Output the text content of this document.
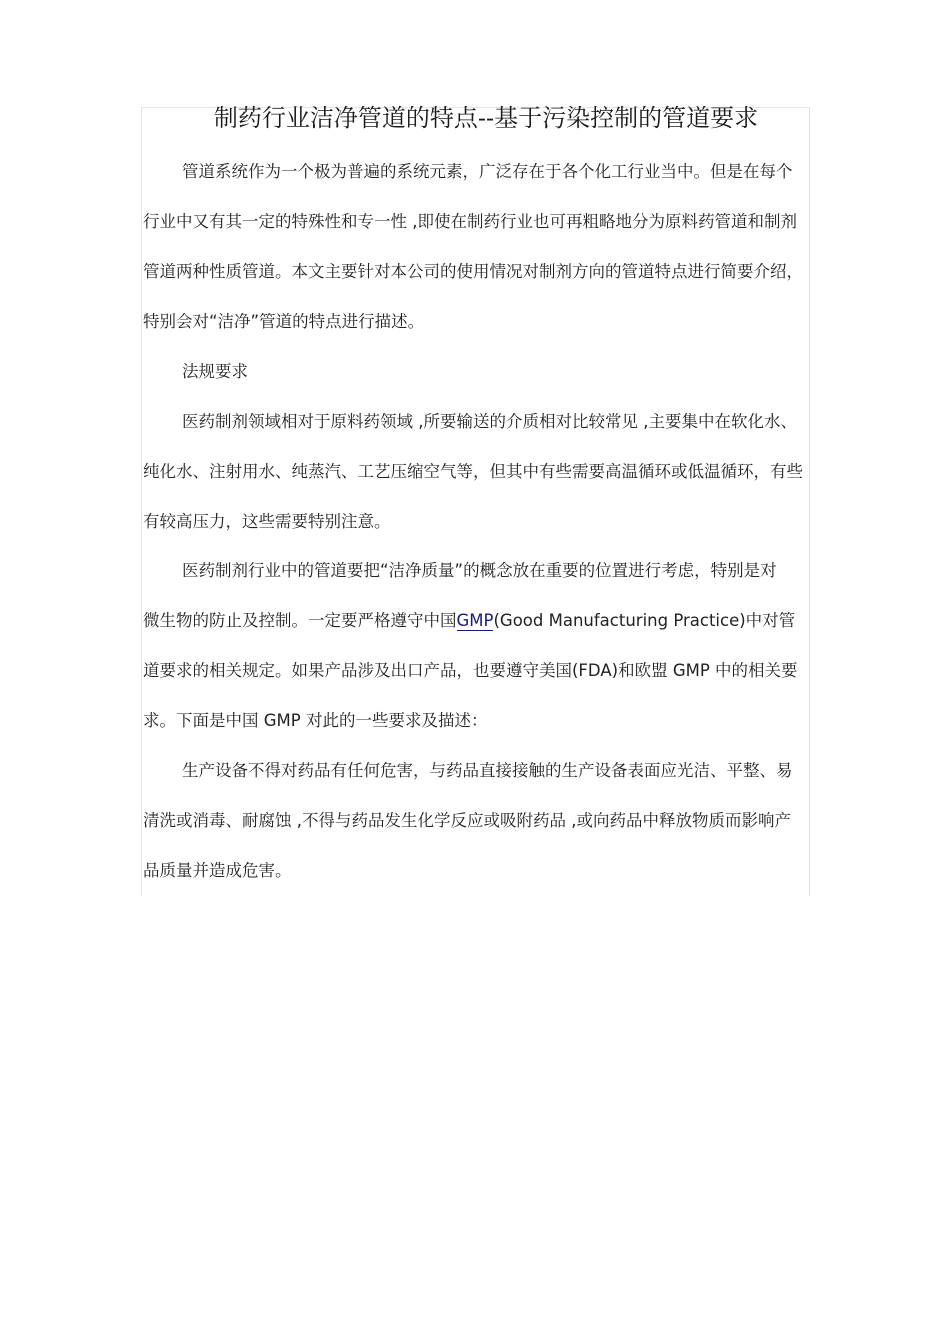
制药行业洁净管道的特点--基于污染控制的管道要求
管道系统作为一个极为普遍的系统元素，广泛存在于各个化工行业当中。但是在每个
行业中又有其一定的特殊性和专一性 ,即使在制药行业也可再粗略地分为原料药管道和制剂
管道两种性质管道。本文主要针对本公司的使用情况对制剂方向的管道特点进行简要介绍，
特别会对“洁净”管道的特点进行描述。
法规要求
医药制剂领域相对于原料药领域 ,所要输送的介质相对比较常见 ,主要集中在软化水、
纯化水、注射用水、纯蒸汽、工艺压缩空气等，但其中有些需要高温循环或低温循环，有些
有较高压力，这些需要特别注意。
医药制剂行业中的管道要把“洁净质量”的概念放在重要的位置进行考虑，特别是对
微生物的防止及控制。一定要严格遵守中国GMP(Good Manufacturing Practice)中对管
道要求的相关规定。如果产品涉及出口产品，也要遵守美国(FDA)和欧盟 GMP 中的相关要
求。下面是中国 GMP 对此的一些要求及描述：
生产设备不得对药品有任何危害，与药品直接接触的生产设备表面应光洁、平整、易
清洗或消毒、耐腐蚀 ,不得与药品发生化学反应或吸附药品 ,或向药品中释放物质而影响产
品质量并造成危害。
